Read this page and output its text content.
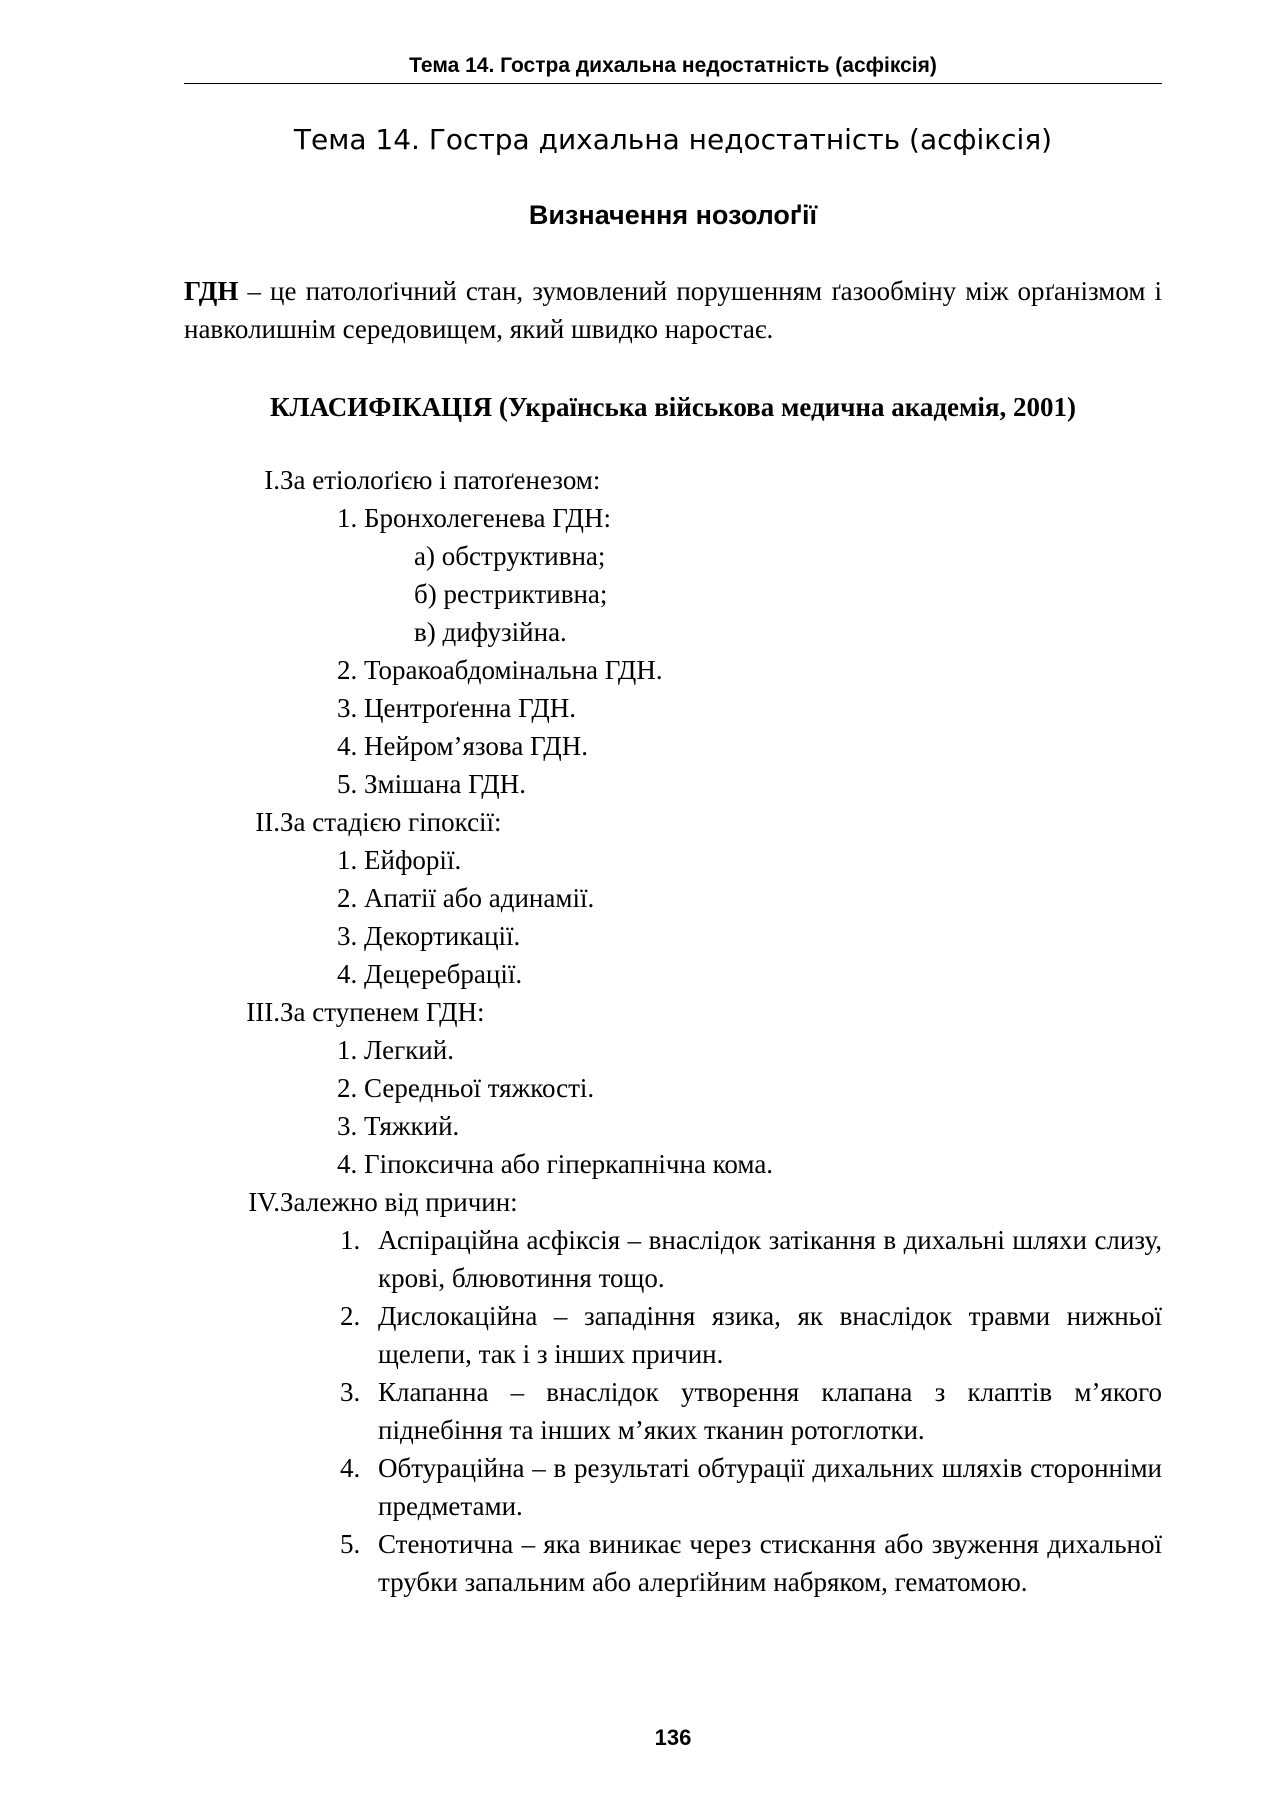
Тема 14. Гостра дихальна недостатність (асфіксія)
Тема 14. Гостра дихальна недостатність (асфіксія)
Визначення нозолоґії

ГДН – це патолоґічний стан, зумовлений порушенням ґазообміну між орґанізмом і навколишнім середовищем, який швидко наростає.

КЛАСИФІКАЦІЯ (Українська військова медична академія, 2001)
I. За етіолоґією і патоґенезом:
1. Бронхолегенева ГДН:
а) обструктивна;
б) рестриктивна;
в) дифузійна.
2. Торакоабдомінальна ГДН.
3. Центроґенна ГДН.
4. Нейром’язова ГДН.
5. Змішана ГДН.
II. За стадією гіпоксії:
1. Ейфорії.
2. Апатії або адинамії.
3. Декортикації.
4. Децеребрації.
III. За ступенем ГДН:
1. Легкий.
2. Середньої тяжкості.
3. Тяжкий.
4. Гіпоксична або гіперкапнічна кома.
IV. Залежно від причин:
1. Аспіраційна асфіксія – внаслідок затікання в дихальні шляхи слизу, крові, блювотиння тощо.
2. Дислокаційна – западіння язика, як внаслідок травми нижньої щелепи, так і з інших причин.
3. Клапанна – внаслідок утворення клапана з клаптів м’якого піднебіння та інших м’яких тканин ротоглотки.
4. Обтураційна – в результаті обтурації дихальних шляхів сторонніми предметами.
5. Стенотична – яка виникає через стискання або звуження дихальної трубки запальним або алерґійним набряком, гематомою.
136
